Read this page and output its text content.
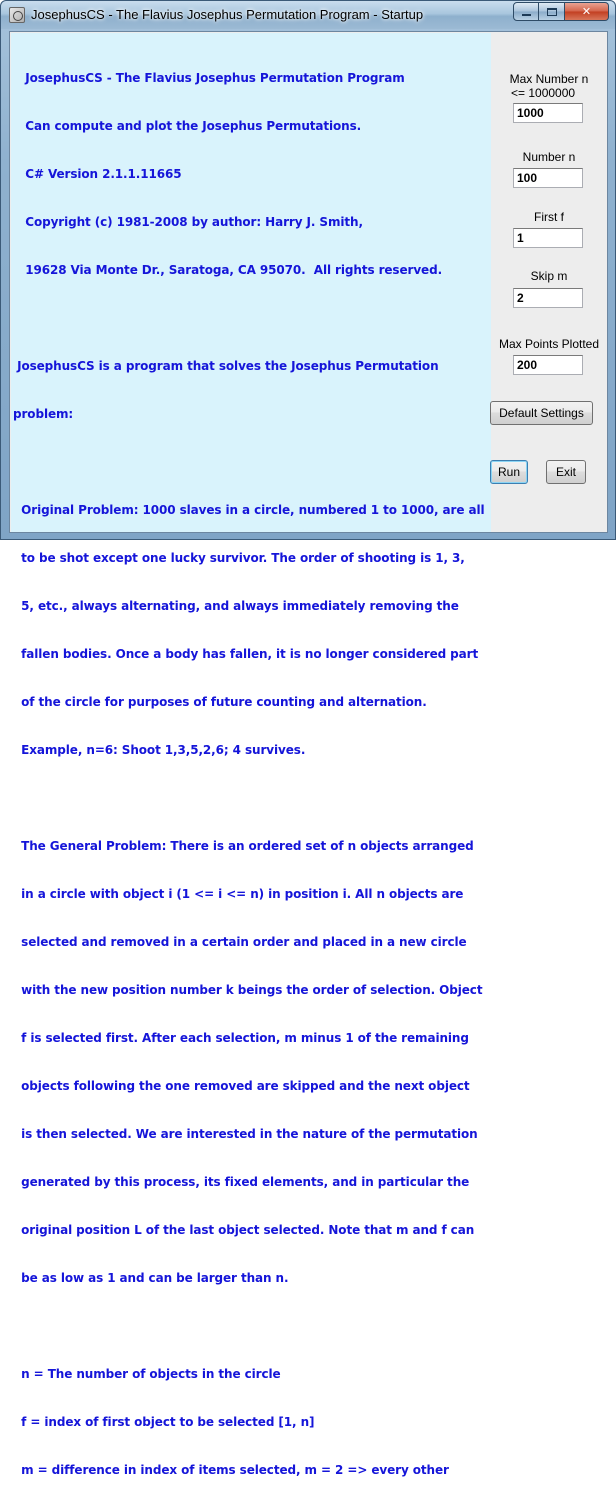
JosephusCS - The Flavius Josephus Permutation Program - Startup	✕

JosephusCS - The Flavius Josephus Permutation Program

Can compute and plot the Josephus Permutations.

C# Version 2.1.1.11665

Copyright (c) 1981-2008 by author: Harry J. Smith,

19628 Via Monte Dr., Saratoga, CA 95070.  All rights reserved.

JosephusCS is a program that solves the Josephus Permutation

problem:

Original Problem: 1000 slaves in a circle, numbered 1 to 1000, are all

to be shot except one lucky survivor. The order of shooting is 1, 3,

5, etc., always alternating, and always immediately removing the

fallen bodies. Once a body has fallen, it is no longer considered part

of the circle for purposes of future counting and alternation.

Example, n=6: Shoot 1,3,5,2,6; 4 survives.

The General Problem: There is an ordered set of n objects arranged

in a circle with object i (1 <= i <= n) in position i. All n objects are

selected and removed in a certain order and placed in a new circle

with the new position number k beings the order of selection. Object

f is selected first. After each selection, m minus 1 of the remaining

objects following the one removed are skipped and the next object

is then selected. We are interested in the nature of the permutation

generated by this process, its fixed elements, and in particular the

original position L of the last object selected. Note that m and f can

be as low as 1 and can be larger than n.

n = The number of objects in the circle

f = index of first object to be selected [1, n]

m = difference in index of items selected, m = 2 => every other

Max Number n
<= 1000000
1000
Number n
100
First f
1
Skip m
2
Max Points Plotted
200
Default Settings
Run	Exit
